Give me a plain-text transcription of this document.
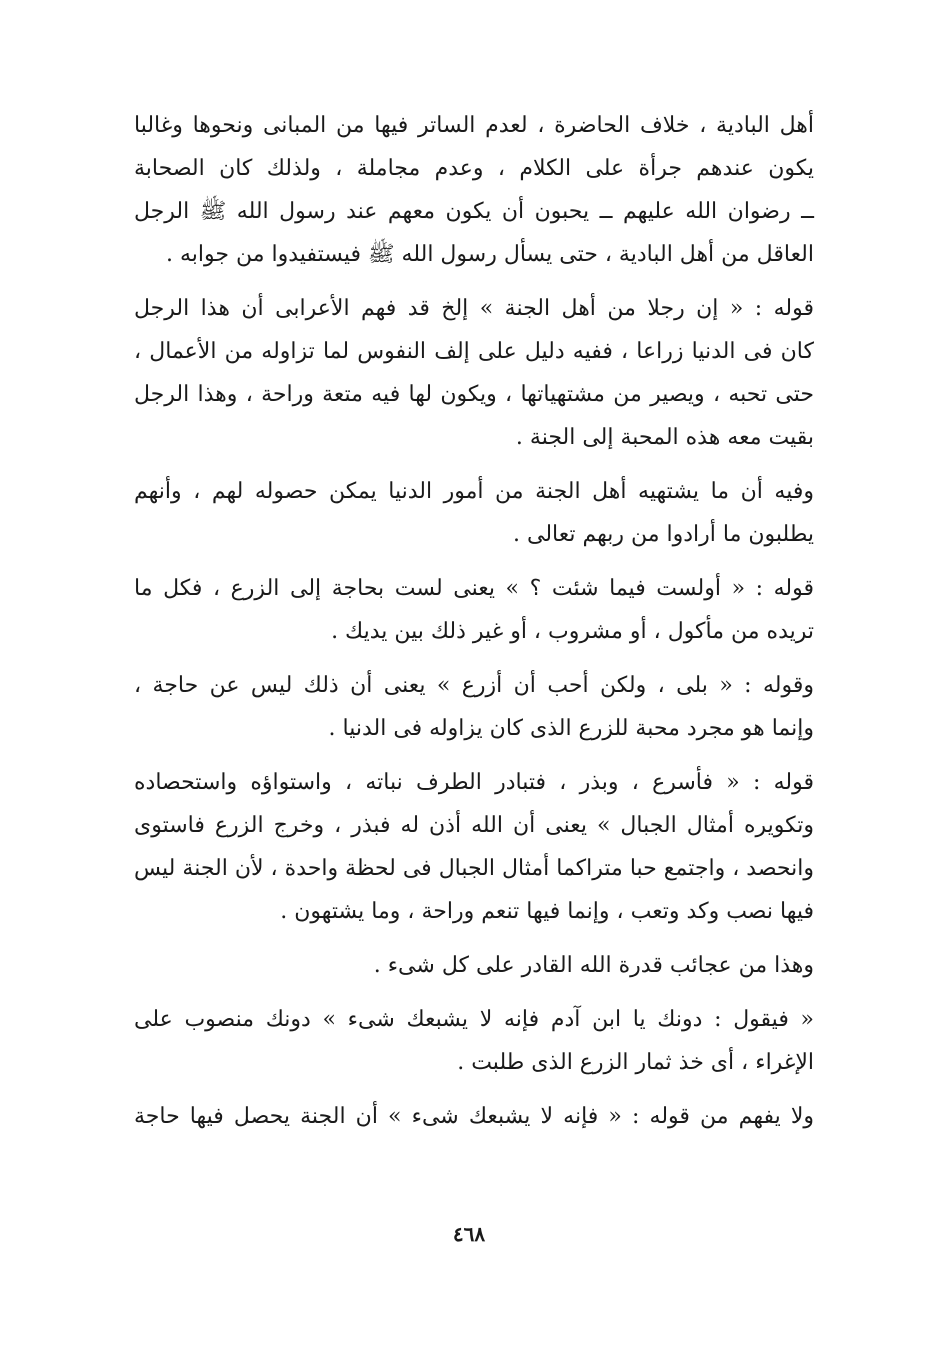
أهل البادية ، خلاف الحاضرة ، لعدم الساتر فيها من المبانى ونحوها وغالبا
يكون عندهم جرأة على الكلام ، وعدم مجاملة ، ولذلك كان الصحابة
ــ رضوان الله عليهم ــ يحبون أن يكون معهم عند رسول الله ﷺ الرجل
العاقل من أهل البادية ، حتى يسأل رسول الله ﷺ فيستفيدوا من جوابه .
قوله : « إن رجلا من أهل الجنة » إلخ قد فهم الأعرابى أن هذا الرجل
كان فى الدنيا زراعا ، ففيه دليل على إلف النفوس لما تزاوله من الأعمال ،
حتى تحبه ، ويصير من مشتهياتها ، ويكون لها فيه متعة وراحة ، وهذا الرجل
بقيت معه هذه المحبة إلى الجنة .
وفيه أن ما يشتهيه أهل الجنة من أمور الدنيا يمكن حصوله لهم ، وأنهم
يطلبون ما أرادوا من ربهم تعالى .
قوله : « أولست فيما شئت ؟ » يعنى لست بحاجة إلى الزرع ، فكل ما
تريده من مأكول ، أو مشروب ، أو غير ذلك بين يديك .
وقوله : « بلى ، ولكن أحب أن أزرع » يعنى أن ذلك ليس عن حاجة ،
وإنما هو مجرد محبة للزرع الذى كان يزاوله فى الدنيا .
قوله : « فأسرع ، وبذر ، فتبادر الطرف نباته ، واستواؤه واستحصاده
وتكويره أمثال الجبال » يعنى أن الله أذن له فبذر ، وخرج الزرع فاستوى
وانحصد ، واجتمع حبا متراكما أمثال الجبال فى لحظة واحدة ، لأن الجنة ليس
فيها نصب وكد وتعب ، وإنما فيها تنعم وراحة ، وما يشتهون .
وهذا من عجائب قدرة الله القادر على كل شىء .
« فيقول : دونك يا ابن آدم فإنه لا يشبعك شىء » دونك منصوب على
الإغراء ، أى خذ ثمار الزرع الذى طلبت .
ولا يفهم من قوله : « فإنه لا يشبعك شىء » أن الجنة يحصل فيها حاجة
٤٦٨
